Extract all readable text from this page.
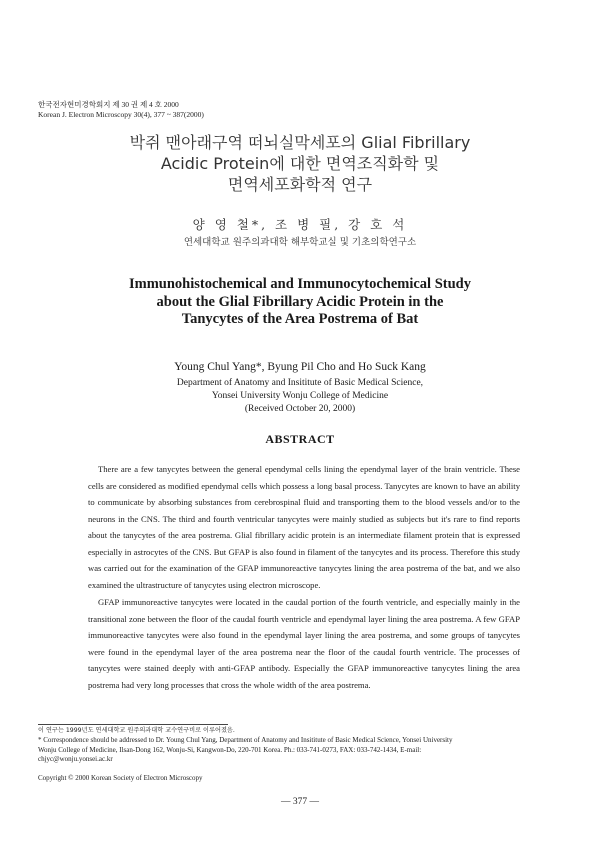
한국전자현미경학회지 제 30 권 제 4 호 2000
Korean J. Electron Microscopy 30(4), 377 ~ 387(2000)
박쥐 맨아래구역 떠뇌실막세포의 Glial Fibrillary
Acidic Protein에 대한 면역조직화학 및
면역세포화학적 연구
양 영 철*, 조 병 필, 강 호 석
연세대학교 원주의과대학 해부학교실 및 기초의학연구소
Immunohistochemical and Immunocytochemical Study
about the Glial Fibrillary Acidic Protein in the
Tanycytes of the Area Postrema of Bat
Young Chul Yang*, Byung Pil Cho and Ho Suck Kang
Department of Anatomy and Insititute of Basic Medical Science,
Yonsei University Wonju College of Medicine
(Received October 20, 2000)
ABSTRACT

There are a few tanycytes between the general ependymal cells lining the ependymal layer of the brain ventricle. These cells are considered as modified ependymal cells which possess a long basal process. Tanycytes are known to have an ability to communicate by absorbing substances from cerebrospinal fluid and transporting them to the blood vessels and/or to the neurons in the CNS. The third and fourth ventricular tanycytes were mainly studied as subjects but it's rare to find reports about the tanycytes of the area postrema. Glial fibrillary acidic protein is an intermediate filament protein that is expressed especially in astrocytes of the CNS. But GFAP is also found in filament of the tanycytes and its process. Therefore this study was carried out for the examination of the GFAP immunoreactive tanycytes lining the area postrema of the bat, and we also examined the ultrastructure of tanycytes using electron microscope.

GFAP immunoreactive tanycytes were located in the caudal portion of the fourth ventricle, and especially mainly in the transitional zone between the floor of the caudal fourth ventricle and ependymal layer lining the area postrema. A few GFAP immunoreactive tanycytes were also found in the ependymal layer lining the area postrema, and some groups of tanycytes were found in the ependymal layer of the area postrema near the floor of the caudal fourth ventricle. The processes of tanycytes were stained deeply with anti-GFAP antibody. Especially the GFAP immunoreactive tanycytes lining the area postrema had very long processes that cross the whole width of the area postrema.

이 연구는 1999년도 연세대학교 원주의과대학 교수연구비로 이루어졌음.
* Correspondence should be addressed to Dr. Young Chul Yang, Department of Anatomy and Insititute of Basic Medical Science, Yonsei University
Wonju College of Medicine, Ilsan-Dong 162, Wonju-Si, Kangwon-Do, 220-701 Korea. Ph.: 033-741-0273, FAX: 033-742-1434, E-mail:
chjyc@wonju.yonsei.ac.kr
Copyright © 2000 Korean Society of Electron Microscopy
— 377 —
